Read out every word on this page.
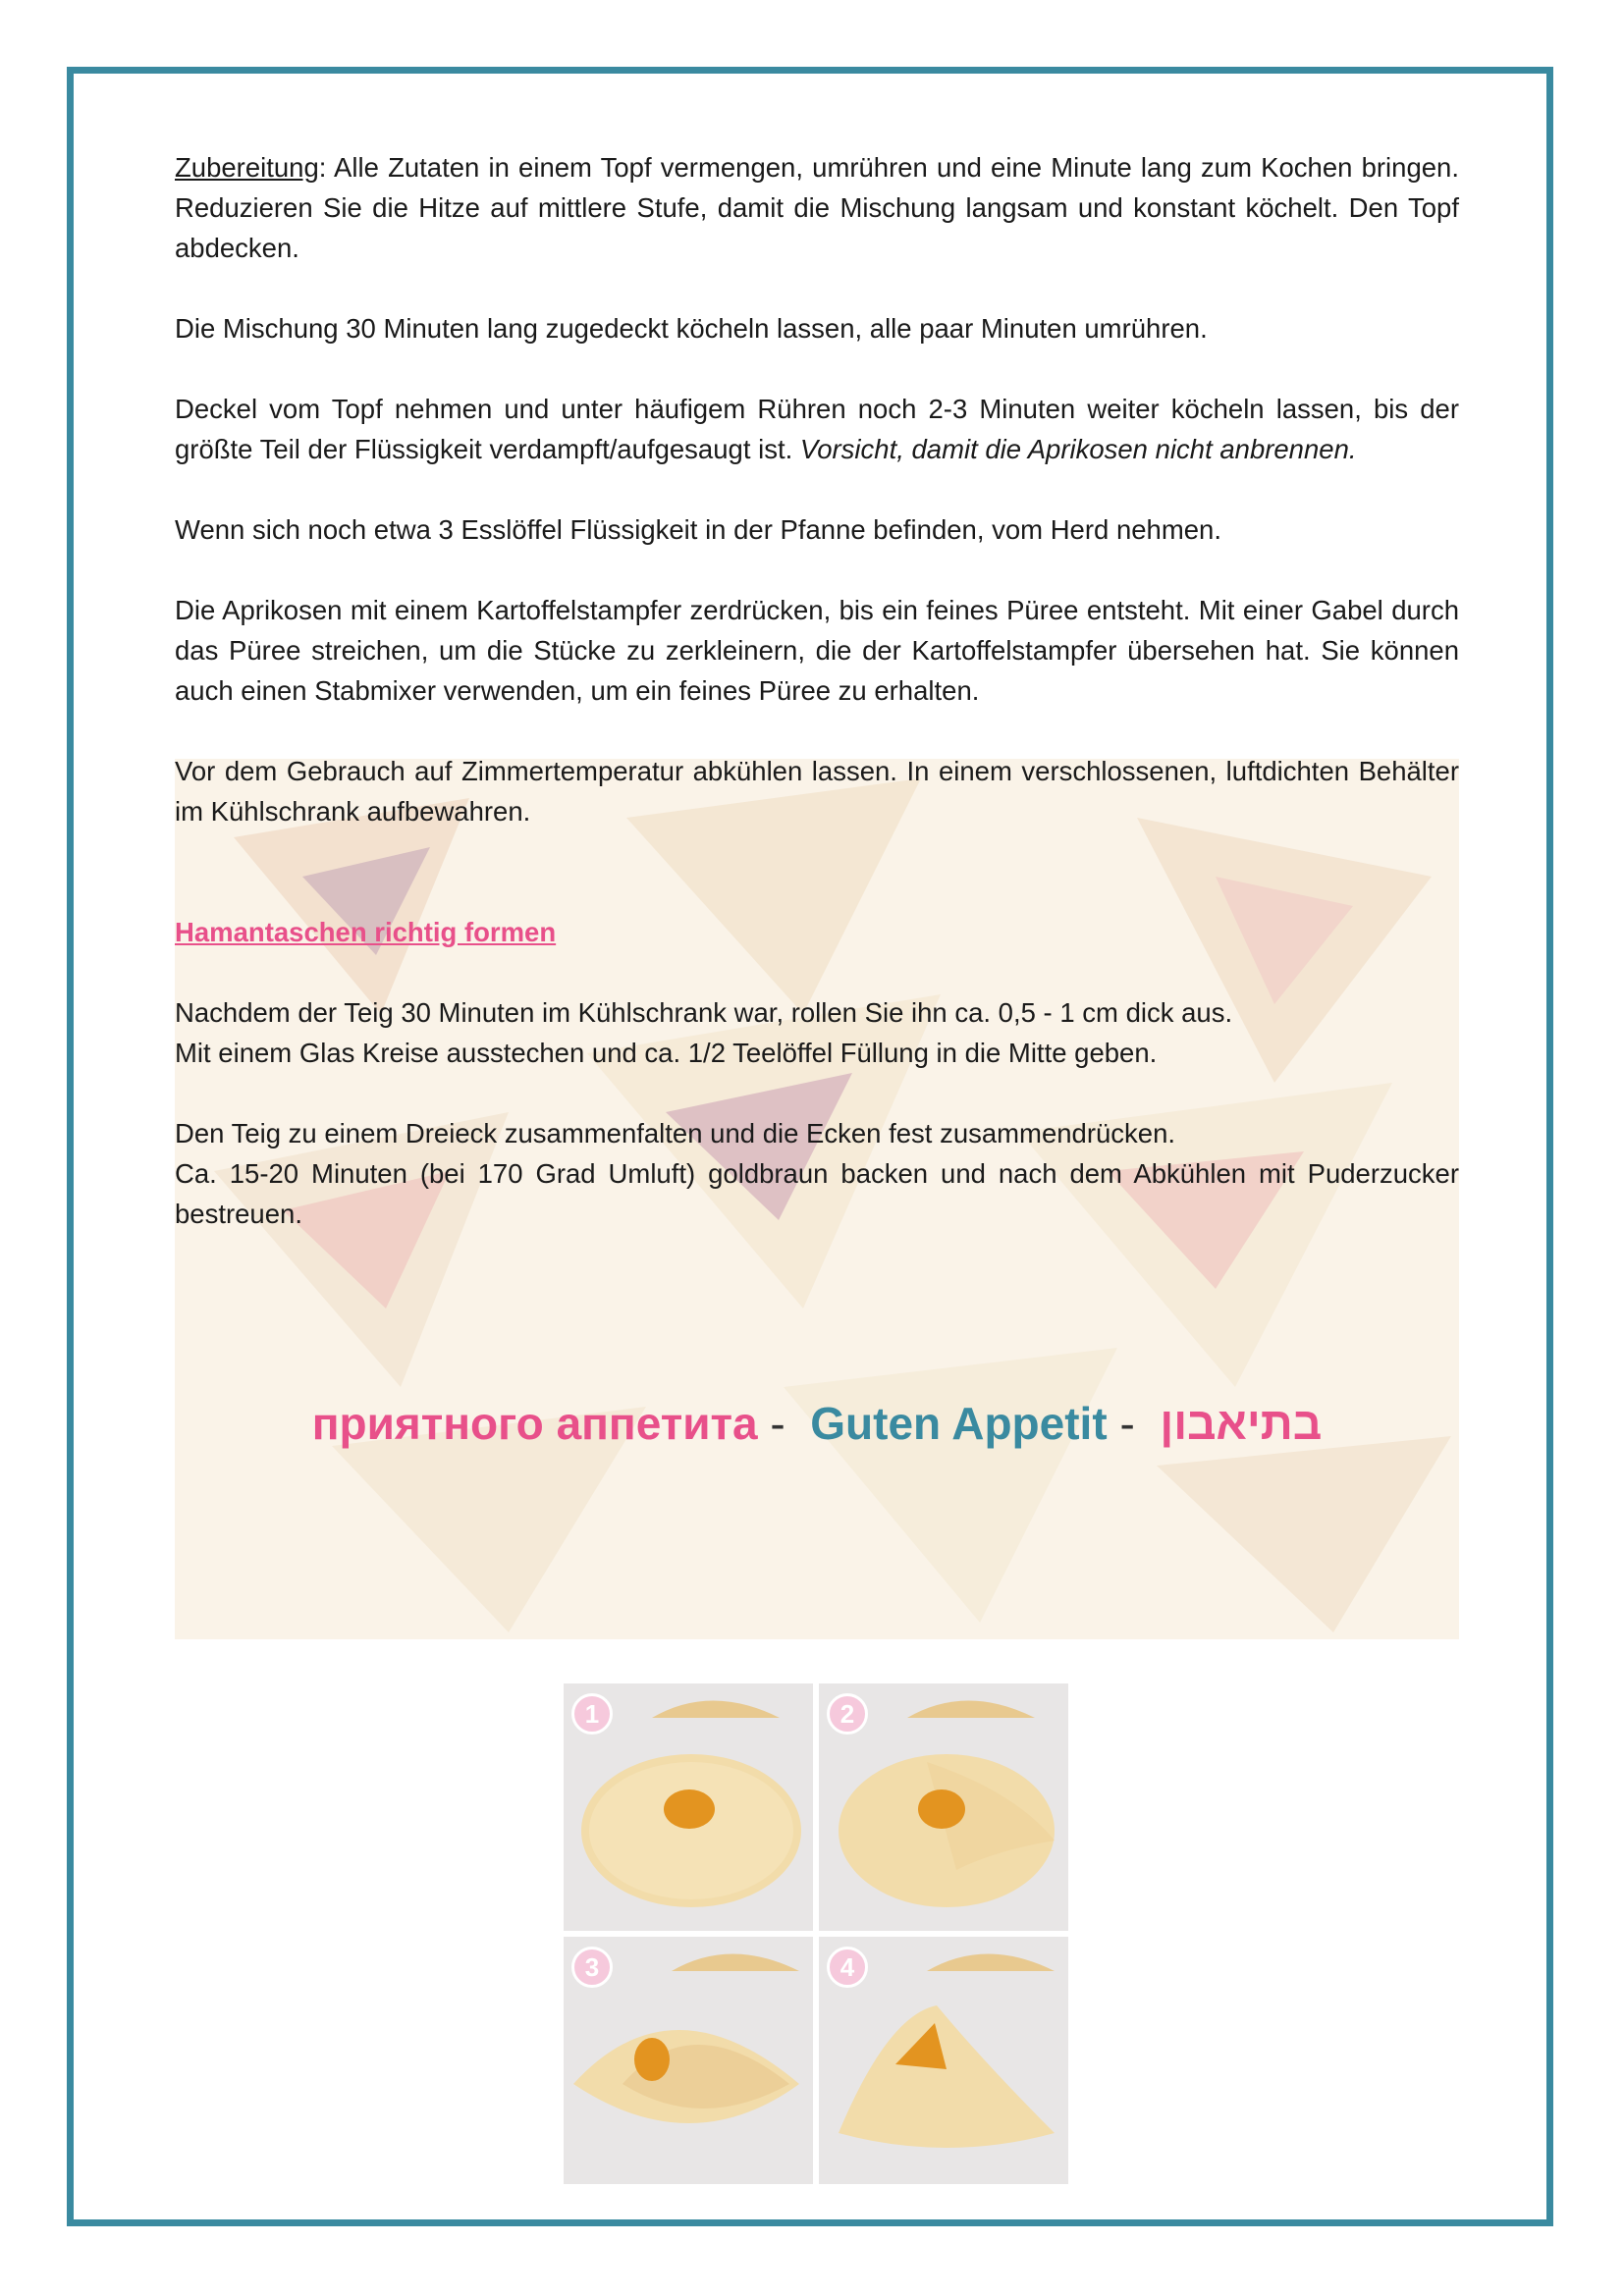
Zubereitung: Alle Zutaten in einem Topf vermengen, umrühren und eine Minute lang zum Kochen bringen. Reduzieren Sie die Hitze auf mittlere Stufe, damit die Mischung langsam und konstant köchelt. Den Topf abdecken.

Die Mischung 30 Minuten lang zugedeckt köcheln lassen, alle paar Minuten umrühren.

Deckel vom Topf nehmen und unter häufigem Rühren noch 2-3 Minuten weiter köcheln lassen, bis der größte Teil der Flüssigkeit verdampft/aufgesaugt ist. Vorsicht, damit die Aprikosen nicht anbrennen.

Wenn sich noch etwa 3 Esslöffel Flüssigkeit in der Pfanne befinden, vom Herd nehmen.

Die Aprikosen mit einem Kartoffelstampfer zerdrücken, bis ein feines Püree entsteht. Mit einer Gabel durch das Püree streichen, um die Stücke zu zerkleinern, die der Kartoffelstampfer übersehen hat. Sie können auch einen Stabmixer verwenden, um ein feines Püree zu erhalten.

Vor dem Gebrauch auf Zimmertemperatur abkühlen lassen. In einem verschlossenen, luftdichten Behälter im Kühlschrank aufbewahren.

Hamantaschen richtig formen

Nachdem der Teig 30 Minuten im Kühlschrank war, rollen Sie ihn ca. 0,5 - 1 cm dick aus.

Mit einem Glas Kreise ausstechen und ca. 1/2 Teelöffel Füllung in die Mitte geben.

Den Teig zu einem Dreieck zusammenfalten und die Ecken fest zusammendrücken.

Ca. 15-20 Minuten (bei 170 Grad Umluft) goldbraun backen und nach dem Abkühlen mit Puderzucker bestreuen.

приятного аппетита - Guten Appetit - בתיאבון
1	2
3	4
